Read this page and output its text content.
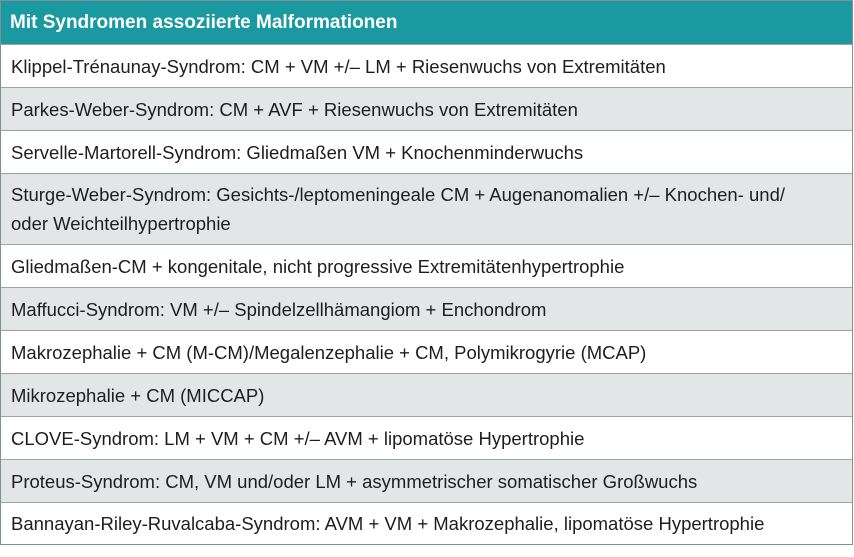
Mit Syndromen assoziierte Malformationen
Klippel-Trénaunay-Syndrom: CM + VM +/– LM + Riesenwuchs von Extremitäten
Parkes-Weber-Syndrom: CM + AVF + Riesenwuchs von Extremitäten
Servelle-Martorell-Syndrom: Gliedmaßen VM + Knochenminderwuchs
Sturge-Weber-Syndrom: Gesichts-/leptomeningeale CM + Augenanomalien +/– Knochen- und/
oder Weichteilhypertrophie
Gliedmaßen-CM + kongenitale, nicht progressive Extremitätenhypertrophie
Maffucci-Syndrom: VM +/– Spindelzellhämangiom + Enchondrom
Makrozephalie + CM (M-CM)/Megalenzephalie + CM, Polymikrogyrie (MCAP)
Mikrozephalie + CM (MICCAP)
CLOVE-Syndrom: LM + VM + CM +/– AVM + lipomatöse Hypertrophie
Proteus-Syndrom: CM, VM und/oder LM + asymmetrischer somatischer Großwuchs
Bannayan-Riley-Ruvalcaba-Syndrom: AVM + VM + Makrozephalie, lipomatöse Hypertrophie
